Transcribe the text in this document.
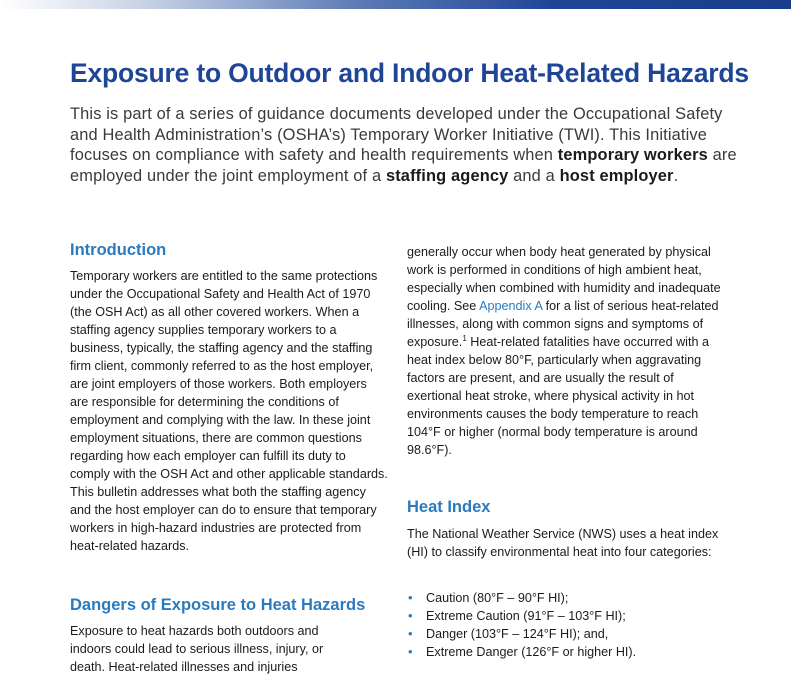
Exposure to Outdoor and Indoor Heat-Related Hazards

This is part of a series of guidance documents developed under the Occupational Safety and Health Administration’s (OSHA’s) Temporary Worker Initiative (TWI). This Initiative focuses on compliance with safety and health requirements when temporary workers are employed under the joint employment of a staffing agency and a host employer.

Introduction

Temporary workers are entitled to the same protections under the Occupational Safety and Health Act of 1970 (the OSH Act) as all other covered workers. When a staffing agency supplies temporary workers to a business, typically, the staffing agency and the staffing firm client, commonly referred to as the host employer, are joint employers of those workers. Both employers are responsible for determining the conditions of employment and complying with the law. In these joint employment situations, there are common questions regarding how each employer can fulfill its duty to comply with the OSH Act and other applicable standards. This bulletin addresses what both the staffing agency and the host employer can do to ensure that temporary workers in high-hazard industries are protected from heat-related hazards.

Dangers of Exposure to Heat Hazards

Exposure to heat hazards both outdoors and indoors could lead to serious illness, injury, or death. Heat-related illnesses and injuries

generally occur when body heat generated by physical work is performed in conditions of high ambient heat, especially when combined with humidity and inadequate cooling. See Appendix A for a list of serious heat-related illnesses, along with common signs and symptoms of exposure.$^1$ Heat-related fatalities have occurred with a heat index below 80°F, particularly when aggravating factors are present, and are usually the result of exertional heat stroke, where physical activity in hot environments causes the body temperature to reach 104°F or higher (normal body temperature is around 98.6°F).

Heat Index

The National Weather Service (NWS) uses a heat index (HI) to classify environmental heat into four categories:

• Caution (80°F – 90°F HI);
• Extreme Caution (91°F – 103°F HI);
• Danger (103°F – 124°F HI); and,
• Extreme Danger (126°F or higher HI).
